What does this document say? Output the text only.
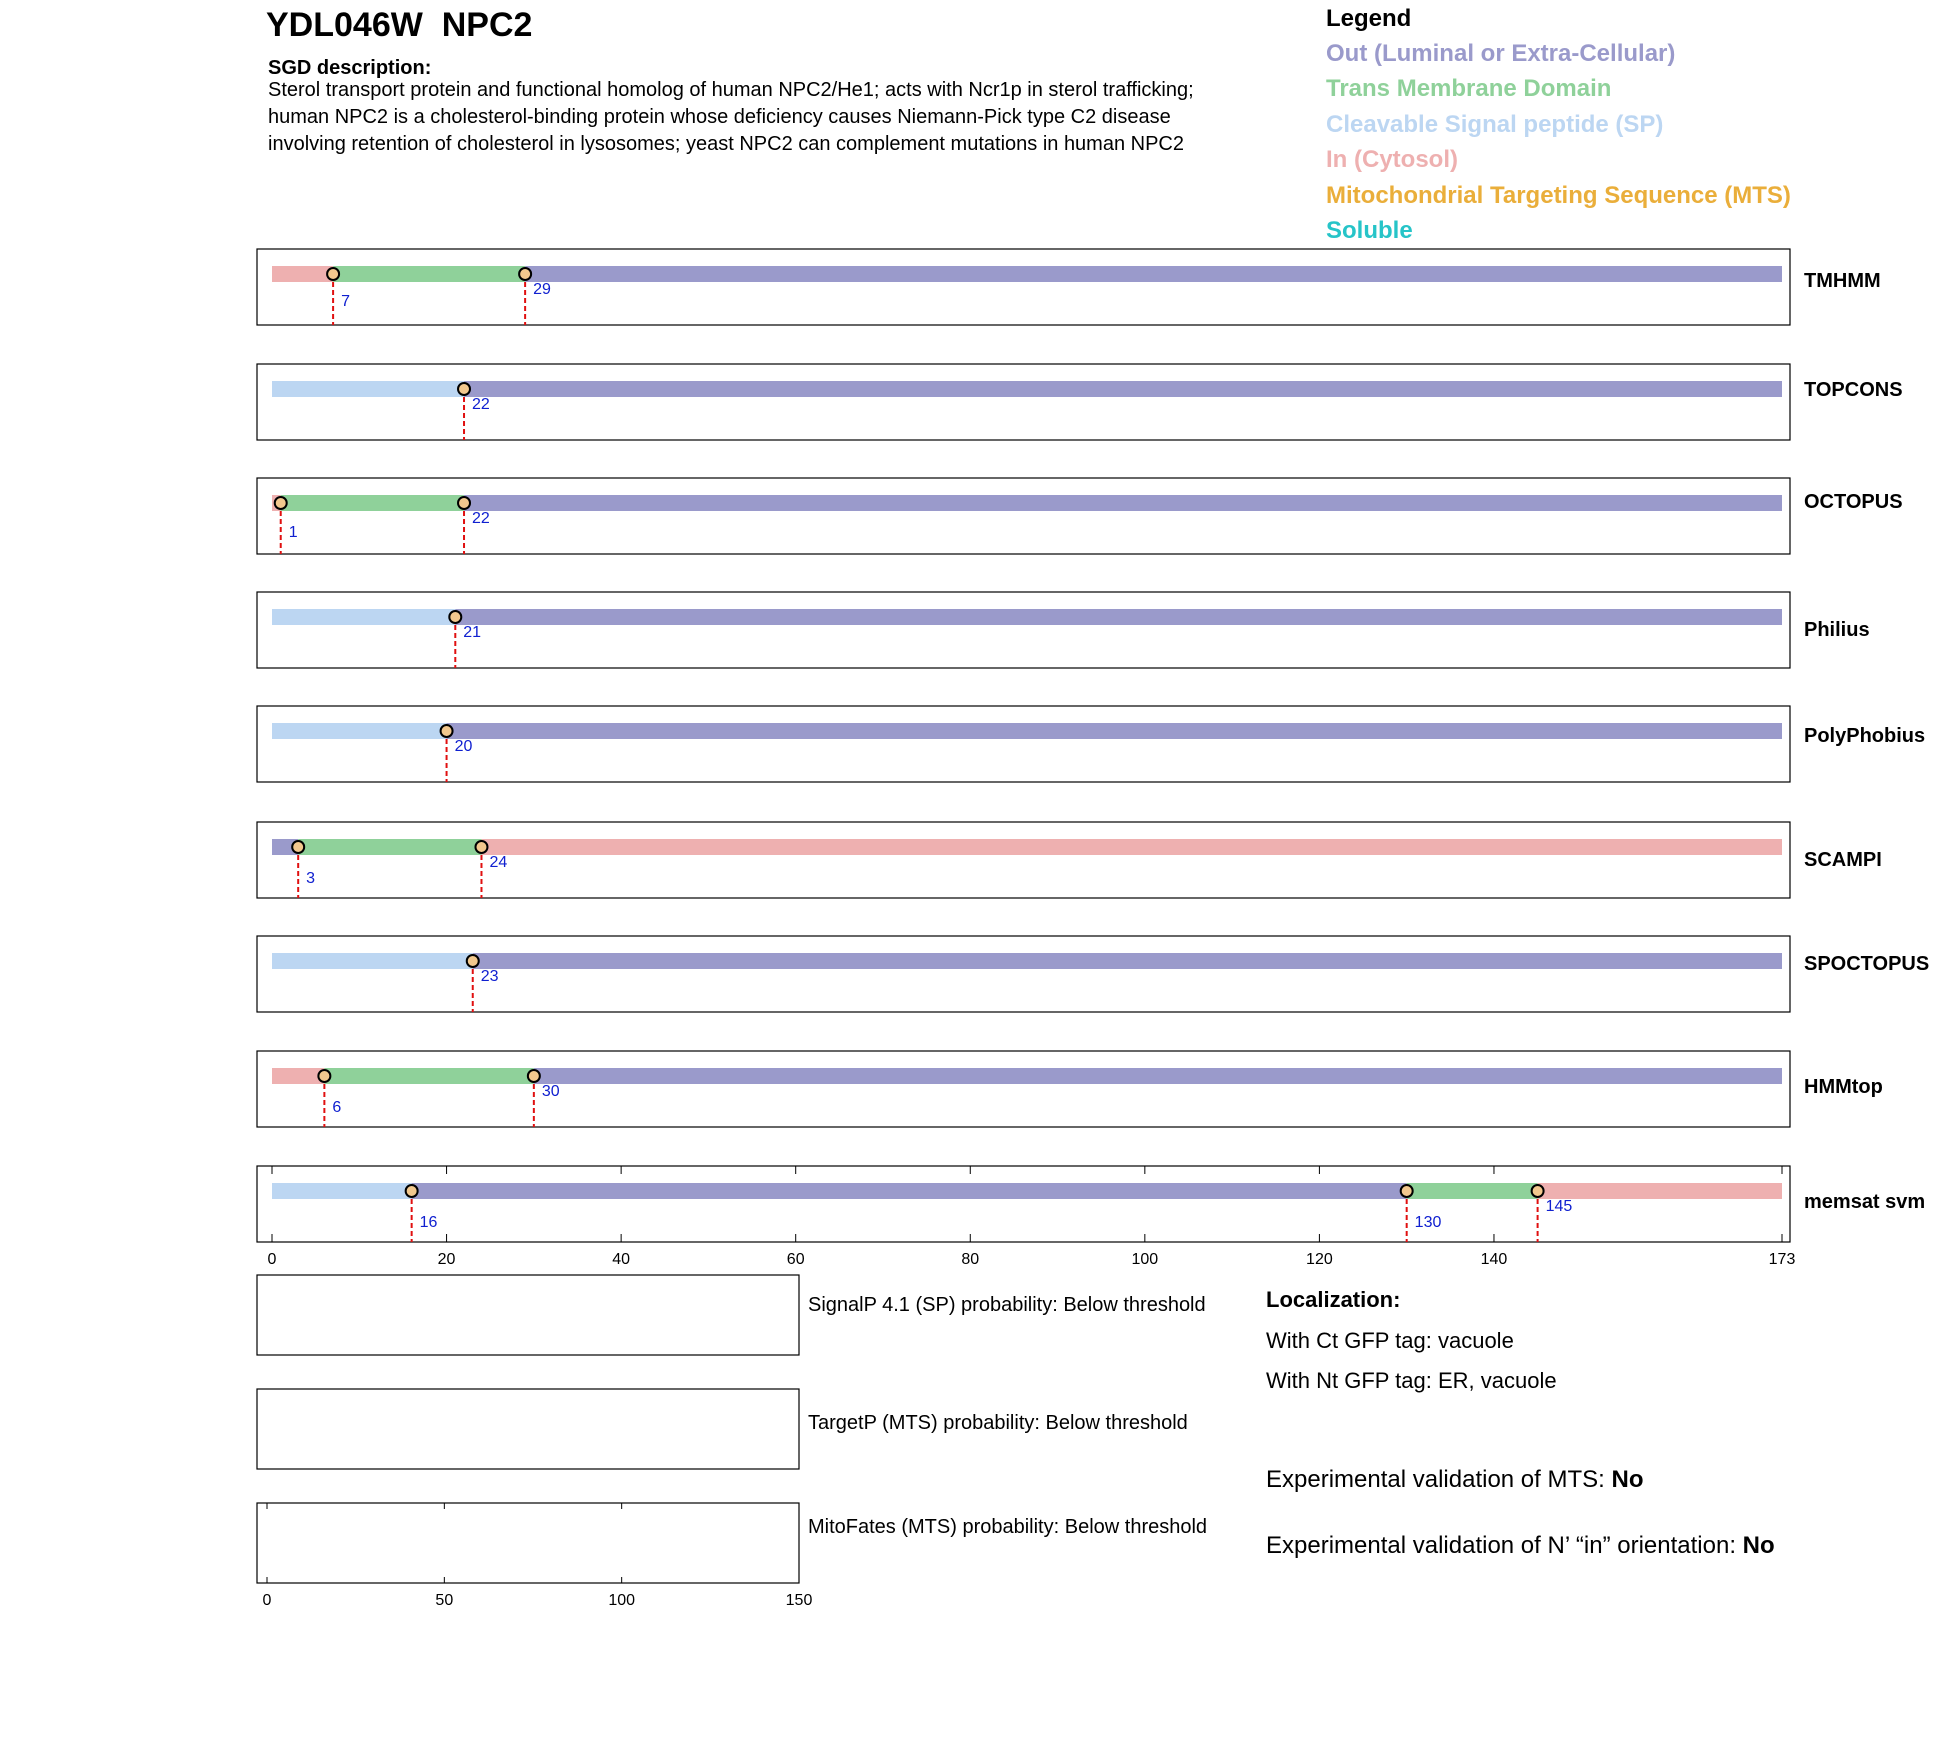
YDL046W  NPC2
SGD description:
Sterol transport protein and functional homolog of human NPC2/He1; acts with Ncr1p in sterol trafficking;
human NPC2 is a cholesterol-binding protein whose deficiency causes Niemann-Pick type C2 disease
involving retention of cholesterol in lysosomes; yeast NPC2 can complement mutations in human NPC2
Legend
Out (Luminal or Extra-Cellular)
Trans Membrane Domain
Cleavable Signal peptide (SP)
In (Cytosol)
Mitochondrial Targeting Sequence (MTS)
Soluble
7
29	TMHMM
22
TOPCONS
1
22
OCTOPUS
21	Philius
20	PolyPhobius
3
24	SCAMPI
23
SPOCTOPUS
6
30	HMMtop
16	130
145	memsat svm
0	20	40	60	80	100	120	140	173
0	50	100	150
SignalP 4.1 (SP) probability: Below threshold
TargetP (MTS) probability: Below threshold
MitoFates (MTS) probability: Below threshold
Localization:
With Ct GFP tag: vacuole
With Nt GFP tag: ER, vacuole
Experimental validation of MTS: No
Experimental validation of N’ “in” orientation: No
